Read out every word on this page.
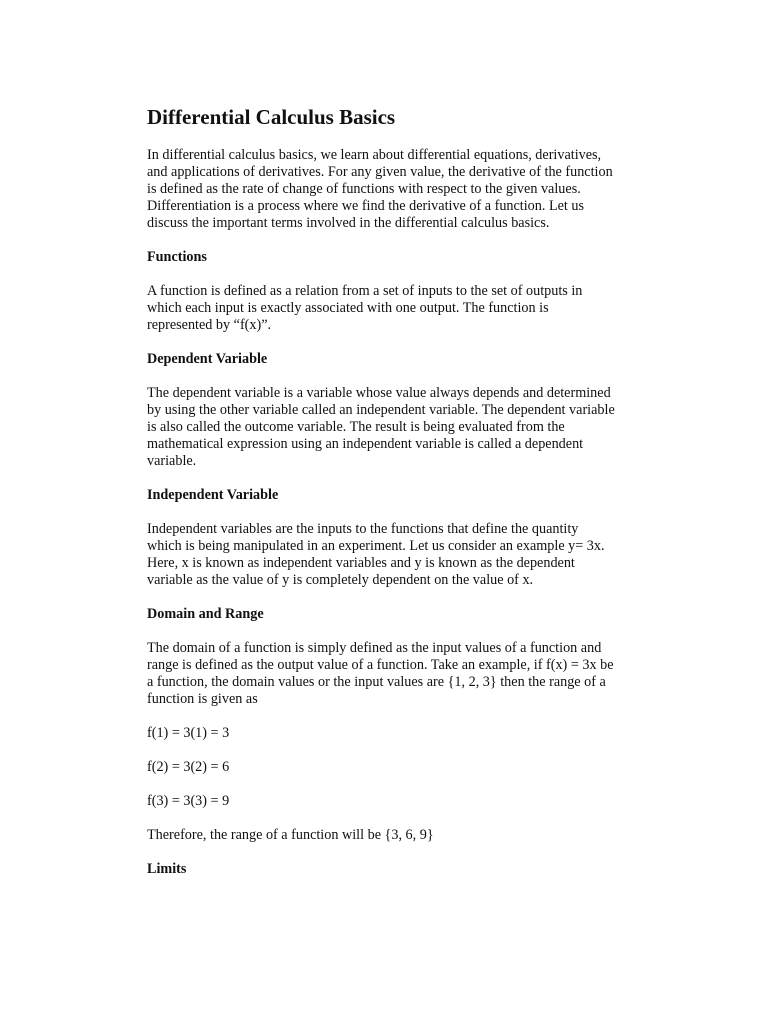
Differential Calculus Basics
In differential calculus basics, we learn about differential equations, derivatives,
and applications of derivatives. For any given value, the derivative of the function
is defined as the rate of change of functions with respect to the given values.
Differentiation is a process where we find the derivative of a function. Let us
discuss the important terms involved in the differential calculus basics.
Functions
A function is defined as a relation from a set of inputs to the set of outputs in
which each input is exactly associated with one output. The function is
represented by “f(x)”.
Dependent Variable
The dependent variable is a variable whose value always depends and determined
by using the other variable called an independent variable. The dependent variable
is also called the outcome variable. The result is being evaluated from the
mathematical expression using an independent variable is called a dependent
variable.
Independent Variable
Independent variables are the inputs to the functions that define the quantity
which is being manipulated in an experiment. Let us consider an example y= 3x.
Here, x is known as independent variables and y is known as the dependent
variable as the value of y is completely dependent on the value of x.
Domain and Range
The domain of a function is simply defined as the input values of a function and
range is defined as the output value of a function. Take an example, if f(x) = 3x be
a function, the domain values or the input values are {1, 2, 3} then the range of a
function is given as
f(1) = 3(1) = 3
f(2) = 3(2) = 6
f(3) = 3(3) = 9
Therefore, the range of a function will be {3, 6, 9}
Limits
